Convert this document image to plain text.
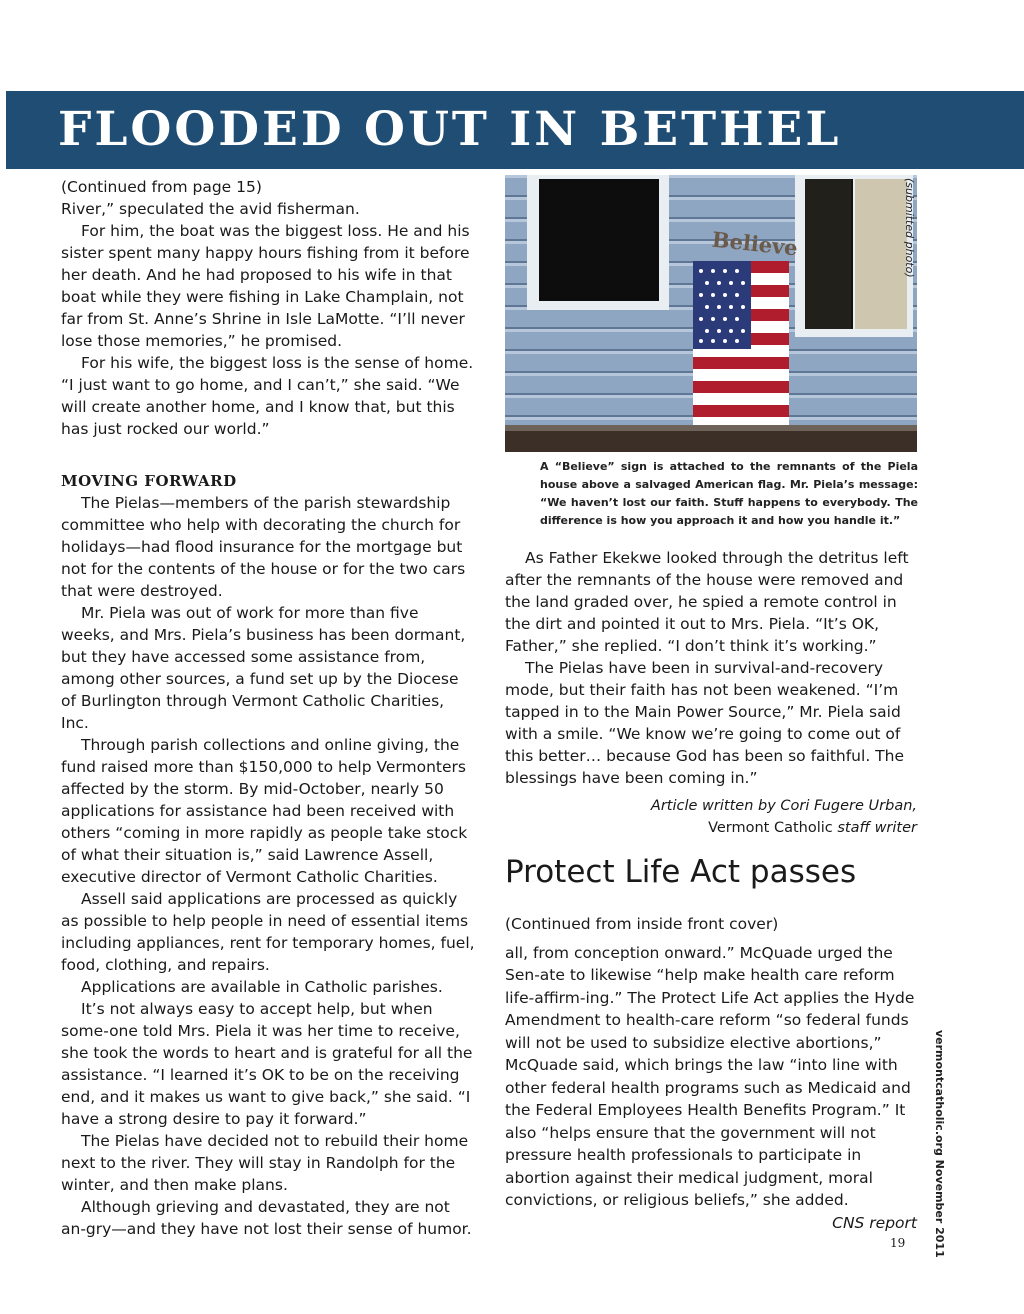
FLOODED OUT IN BETHEL

(Continued from page 15)

River,” speculated the avid fisherman.

For him, the boat was the biggest loss. He and his sister spent many happy hours fishing from it before her death. And he had proposed to his wife in that boat while they were fishing in Lake Champlain, not far from St. Anne’s Shrine in Isle LaMotte. “I’ll never lose those memories,” he promised.

For his wife, the biggest loss is the sense of home. “I just want to go home, and I can’t,” she said. “We will create another home, and I know that, but this has just rocked our world.”

MOVING FORWARD

The Pielas—members of the parish stewardship committee who help with decorating the church for holidays—had flood insurance for the mortgage but not for the contents of the house or for the two cars that were destroyed.

Mr. Piela was out of work for more than five weeks, and Mrs. Piela’s business has been dormant, but they have accessed some assistance from, among other sources, a fund set up by the Diocese of Burlington through Vermont Catholic Charities, Inc.

Through parish collections and online giving, the fund raised more than $150,000 to help Vermonters affected by the storm. By mid-October, nearly 50 applications for assistance had been received with others “coming in more rapidly as people take stock of what their situation is,” said Lawrence Assell, executive director of Vermont Catholic Charities.

Assell said applications are processed as quickly as possible to help people in need of essential items including appliances, rent for temporary homes, fuel, food, clothing, and repairs.

Applications are available in Catholic parishes.

It’s not always easy to accept help, but when some-one told Mrs. Piela it was her time to receive, she took the words to heart and is grateful for all the assistance. “I learned it’s OK to be on the receiving end, and it makes us want to give back,” she said. “I have a strong desire to pay it forward.”

The Pielas have decided not to rebuild their home next to the river. They will stay in Randolph for the winter, and then make plans.

Although grieving and devastated, they are not an-gry—and they have not lost their sense of humor.

Believe	(submitted photo)
A “Believe” sign is attached to the remnants of the Piela house above a salvaged American flag. Mr. Piela’s message: “We haven’t lost our faith. Stuff happens to everybody. The difference is how you approach it and how you handle it.”

As Father Ekekwe looked through the detritus left after the remnants of the house were removed and the land graded over, he spied a remote control in the dirt and pointed it out to Mrs. Piela. “It’s OK, Father,” she replied. “I don’t think it’s working.”

The Pielas have been in survival-and-recovery mode, but their faith has not been weakened. “I’m tapped in to the Main Power Source,” Mr. Piela said with a smile. “We know we’re going to come out of this better… because God has been so faithful. The blessings have been coming in.”

Article written by Cori Fugere Urban,
Vermont Catholic staff writer

Protect Life Act passes

(Continued from inside front cover)

all, from conception onward.” McQuade urged the Sen-ate to likewise “help make health care reform life-affirm-ing.” The Protect Life Act applies the Hyde Amendment to health-care reform “so federal funds will not be used to subsidize elective abortions,” McQuade said, which brings the law “into line with other federal health programs such as Medicaid and the Federal Employees Health Benefits Program.” It also “helps ensure that the government will not pressure health professionals to participate in abortion against their medical judgment, moral convictions, or religious beliefs,” she added.

CNS report	vermontcatholic.org November 2011
19
